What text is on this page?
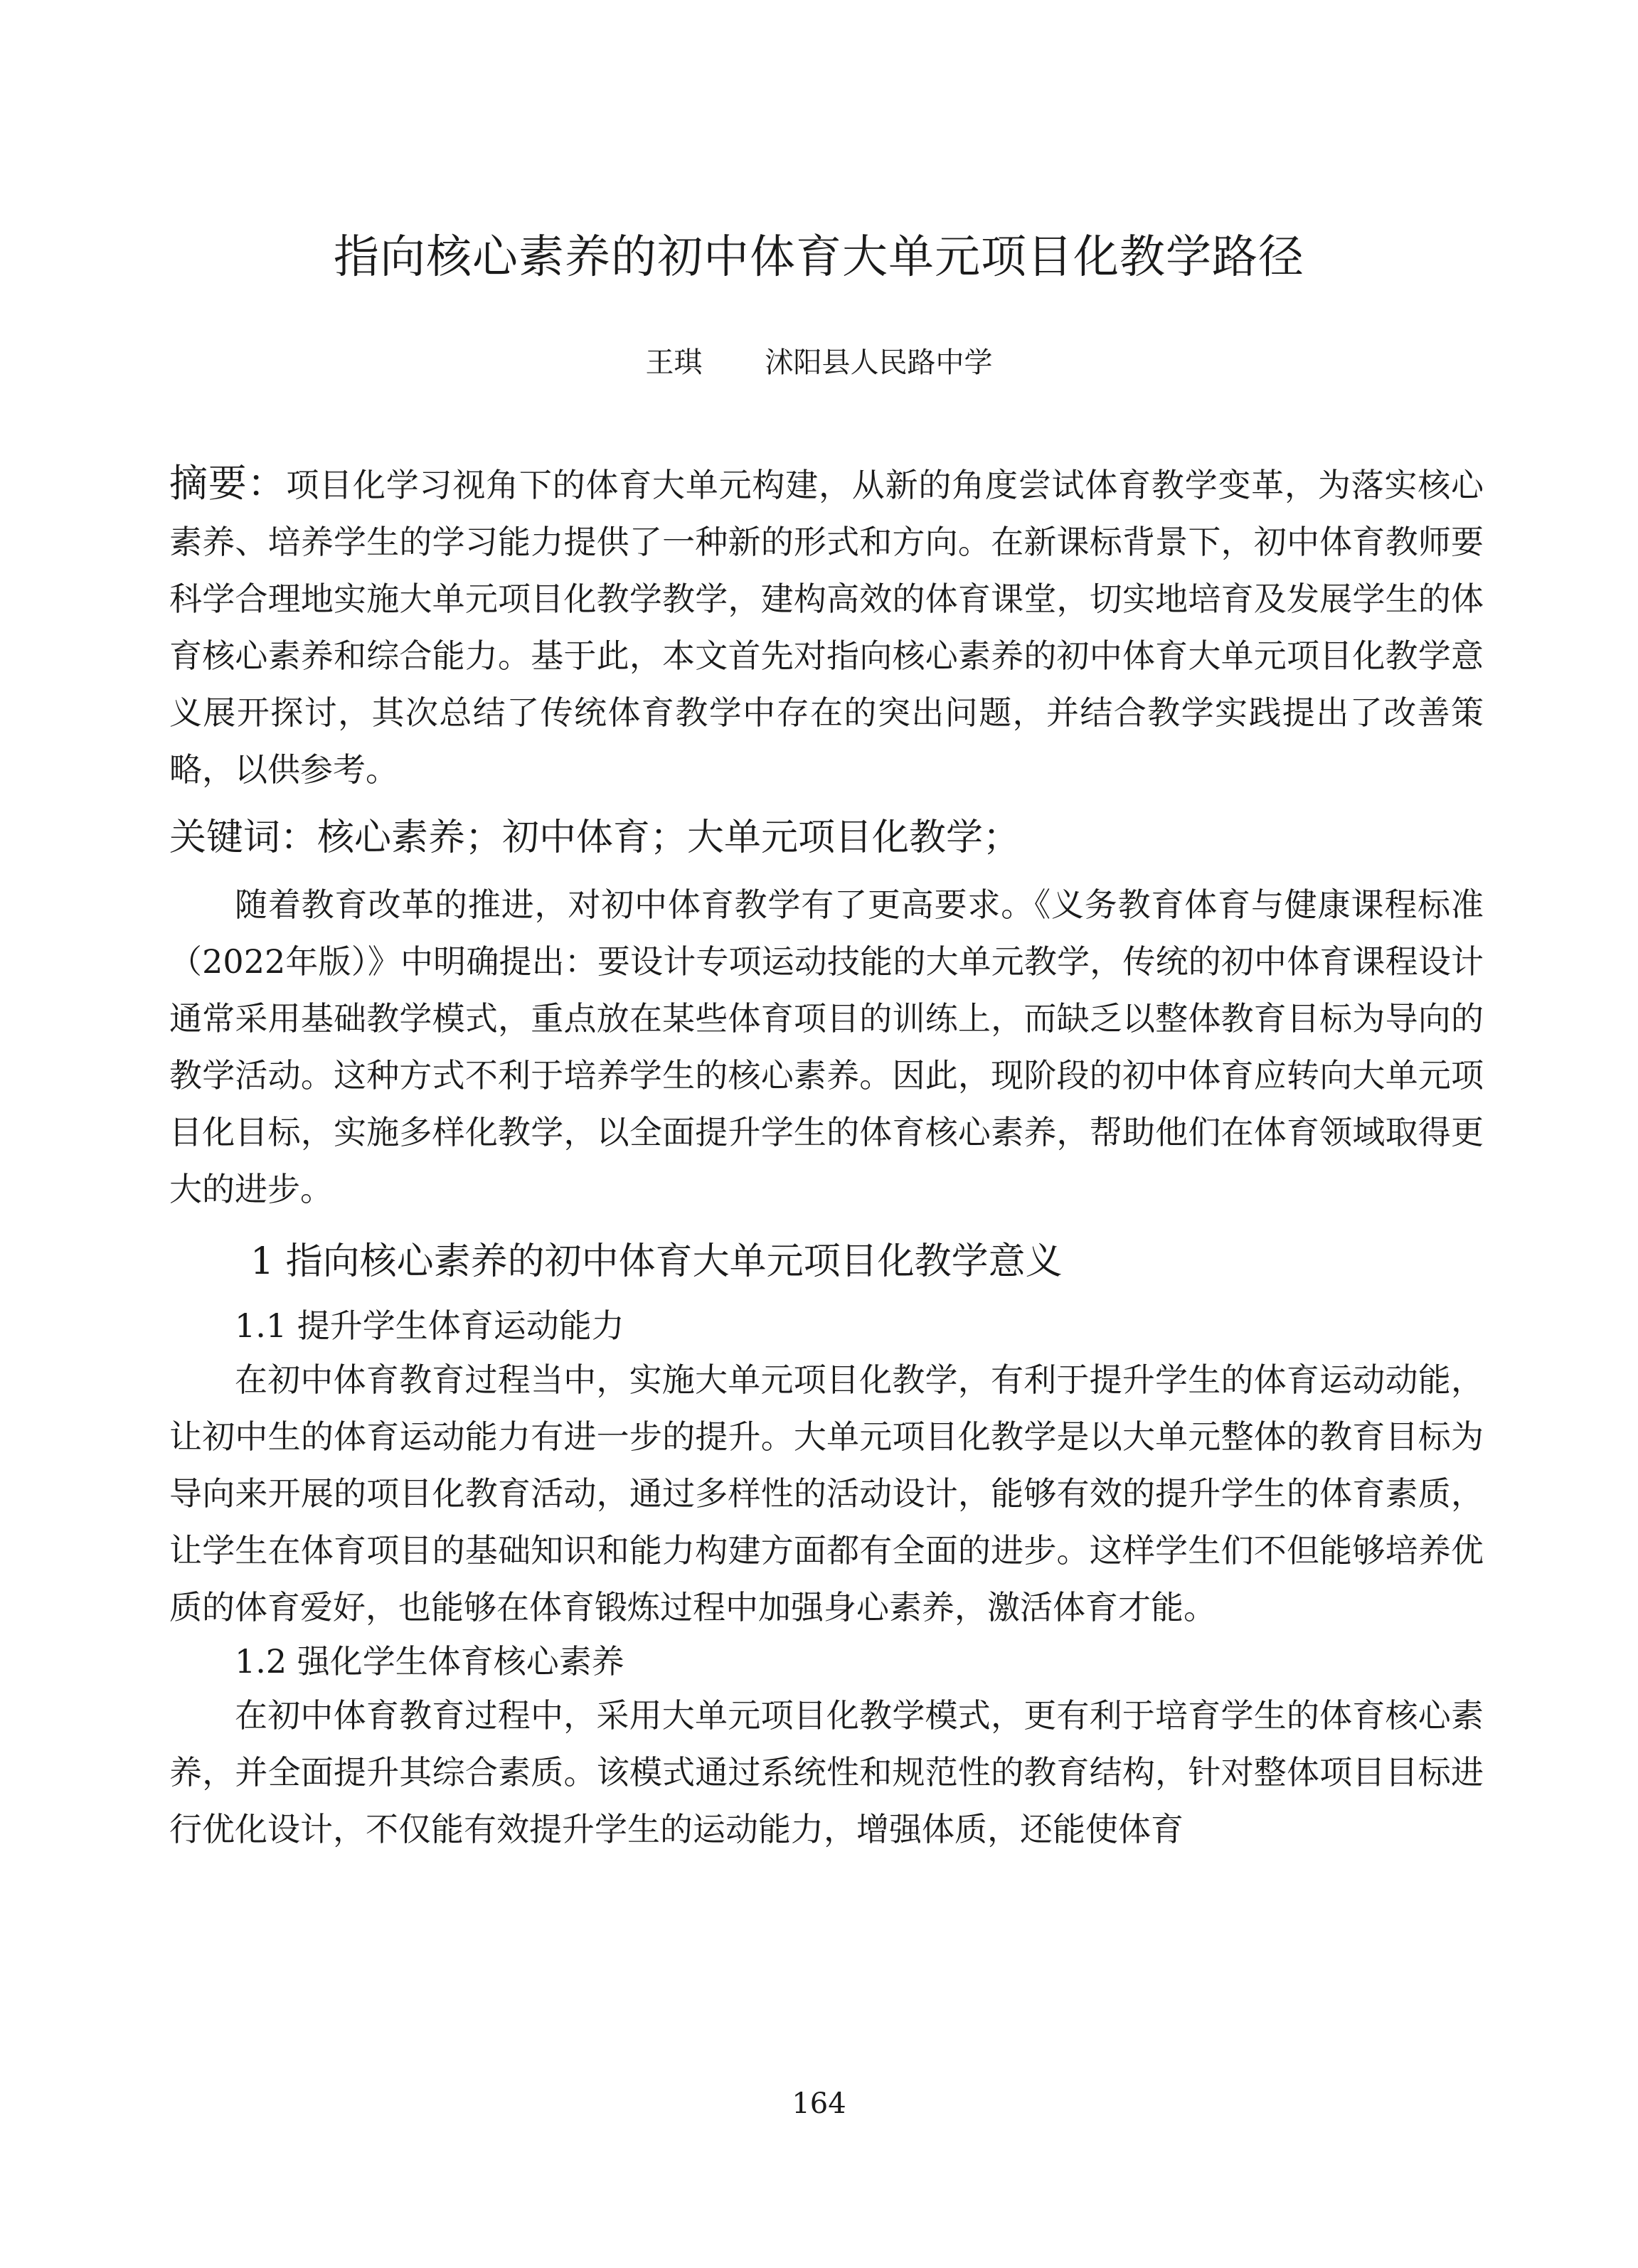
指向核心素养的初中体育大单元项目化教学路径
王琪 沭阳县人民路中学

摘要：项目化学习视角下的体育大单元构建，从新的角度尝试体育教学变革，为落实核心素养、培养学生的学习能力提供了一种新的形式和方向。在新课标背景下，初中体育教师要科学合理地实施大单元项目化教学教学，建构高效的体育课堂，切实地培育及发展学生的体育核心素养和综合能力。基于此，本文首先对指向核心素养的初中体育大单元项目化教学意义展开探讨，其次总结了传统体育教学中存在的突出问题，并结合教学实践提出了改善策略，以供参考。

关键词：核心素养；初中体育；大单元项目化教学；

随着教育改革的推进，对初中体育教学有了更高要求。《义务教育体育与健康课程标准（2022年版）》中明确提出：要设计专项运动技能的大单元教学，传统的初中体育课程设计通常采用基础教学模式，重点放在某些体育项目的训练上，而缺乏以整体教育目标为导向的教学活动。这种方式不利于培养学生的核心素养。因此，现阶段的初中体育应转向大单元项目化目标，实施多样化教学，以全面提升学生的体育核心素养，帮助他们在体育领域取得更大的进步。

1 指向核心素养的初中体育大单元项目化教学意义
1.1 提升学生体育运动能力

在初中体育教育过程当中，实施大单元项目化教学，有利于提升学生的体育运动动能，让初中生的体育运动能力有进一步的提升。大单元项目化教学是以大单元整体的教育目标为导向来开展的项目化教育活动，通过多样性的活动设计，能够有效的提升学生的体育素质，让学生在体育项目的基础知识和能力构建方面都有全面的进步。这样学生们不但能够培养优质的体育爱好，也能够在体育锻炼过程中加强身心素养，激活体育才能。

1.2 强化学生体育核心素养

在初中体育教育过程中，采用大单元项目化教学模式，更有利于培育学生的体育核心素养，并全面提升其综合素质。该模式通过系统性和规范性的教育结构，针对整体项目目标进行优化设计，不仅能有效提升学生的运动能力，增强体质，还能使体育

164
